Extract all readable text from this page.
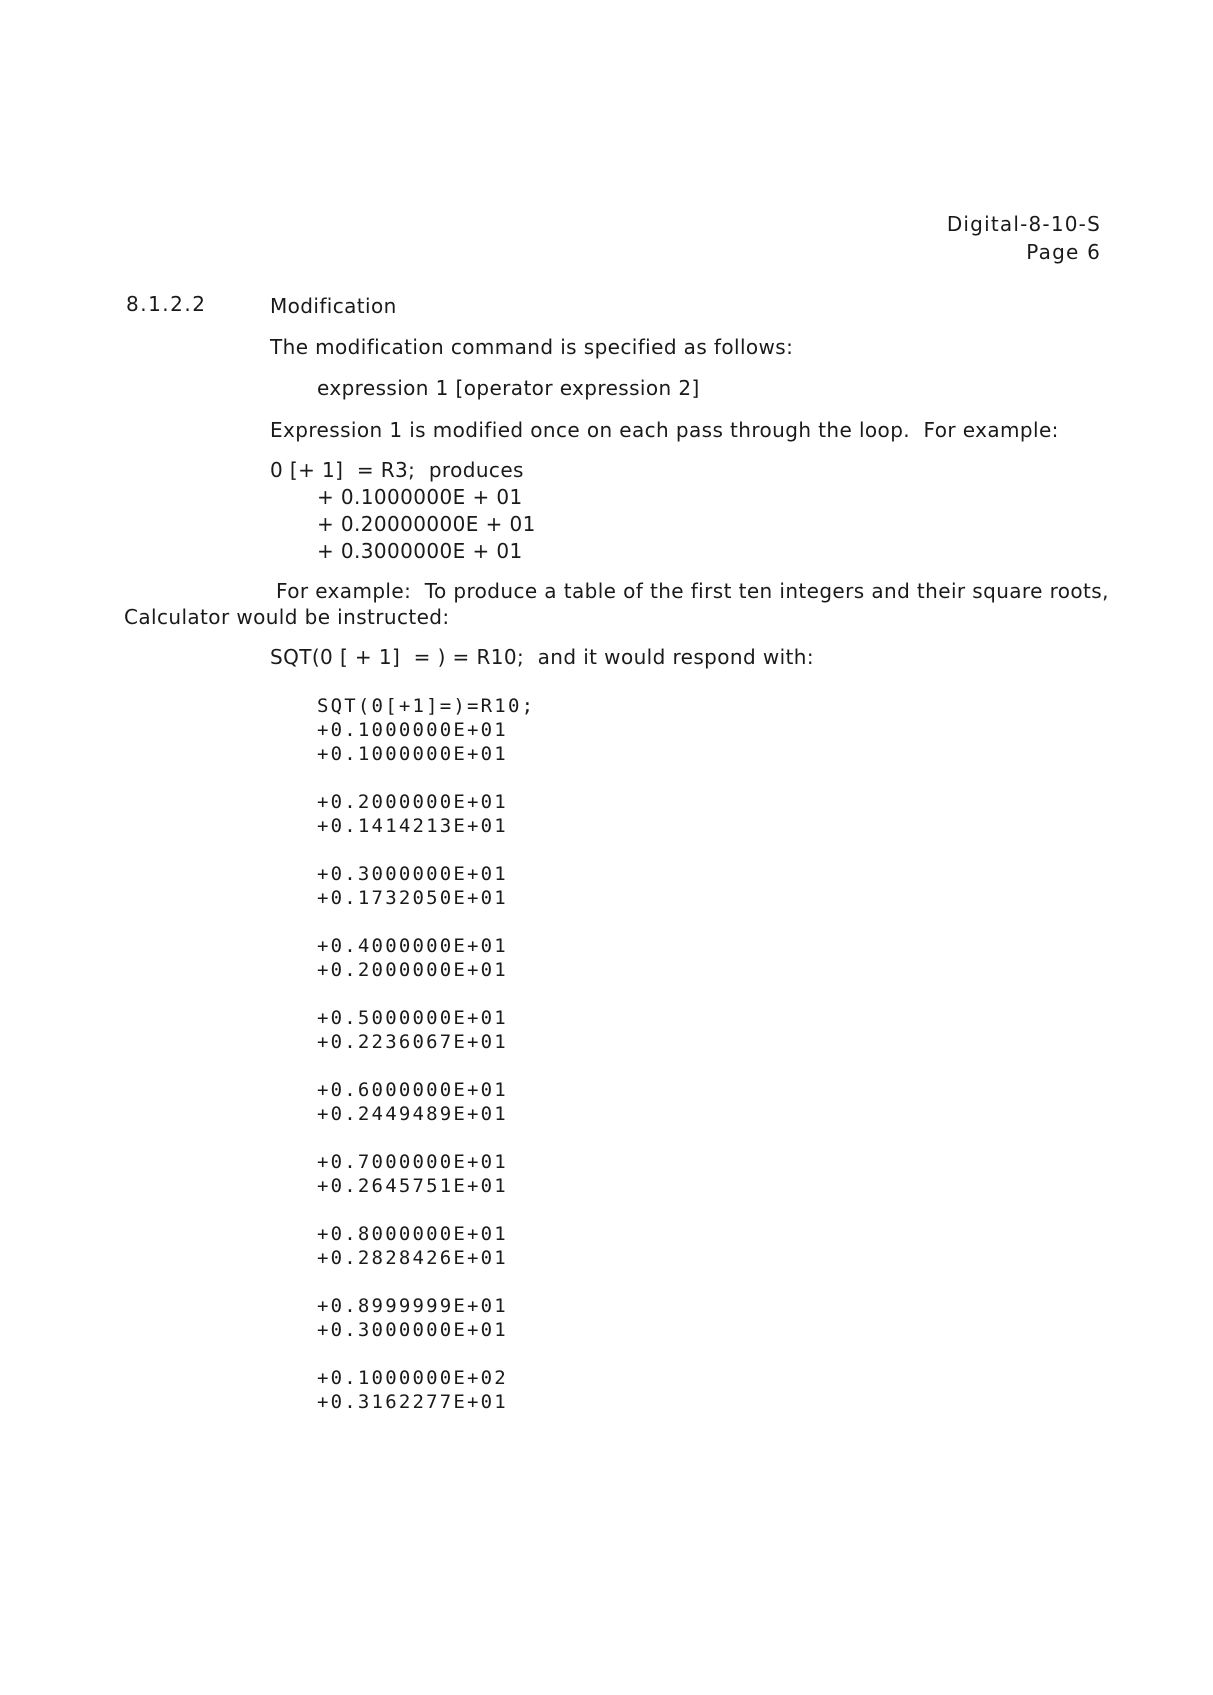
Digital-8-10-S
Page 6
8.1.2.2	Modification
The modification command is specified as follows:
expression 1 [operator expression 2]
Expression 1 is modified once on each pass through the loop.  For example:
0 [+ 1]  = R3;  produces
+ 0.1000000E + 01
+ 0.20000000E + 01
+ 0.3000000E + 01
For example:  To produce a table of the first ten integers and their square roots,
Calculator would be instructed:
SQT(0 [ + 1]  = ) = R10;  and it would respond with:
SQT(0[+1]=)=R10;
+0.1000000E+01
+0.1000000E+01
+0.2000000E+01
+0.1414213E+01
+0.3000000E+01
+0.1732050E+01
+0.4000000E+01
+0.2000000E+01
+0.5000000E+01
+0.2236067E+01
+0.6000000E+01
+0.2449489E+01
+0.7000000E+01
+0.2645751E+01
+0.8000000E+01
+0.2828426E+01
+0.8999999E+01
+0.3000000E+01
+0.1000000E+02
+0.3162277E+01
